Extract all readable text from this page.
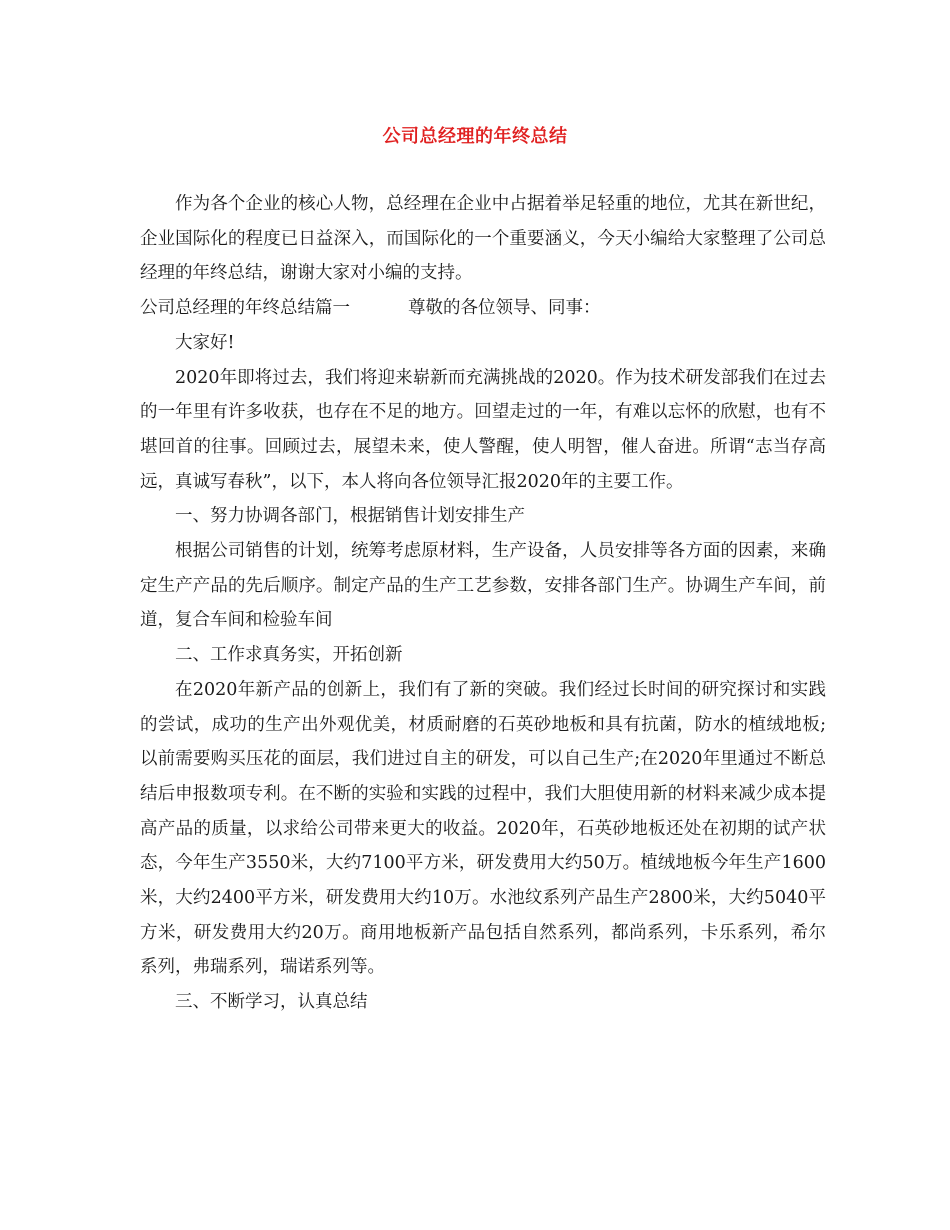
公司总经理的年终总结

作为各个企业的核心人物，总经理在企业中占据着举足轻重的地位，尤其在新世纪，企业国际化的程度已日益深入，而国际化的一个重要涵义，今天小编给大家整理了公司总经理的年终总结，谢谢大家对小编的支持。

公司总经理的年终总结篇一	尊敬的各位领导、同事：

大家好!

2020年即将过去，我们将迎来崭新而充满挑战的2020。作为技术研发部我们在过去的一年里有许多收获，也存在不足的地方。回望走过的一年，有难以忘怀的欣慰，也有不堪回首的往事。回顾过去，展望未来，使人警醒，使人明智，催人奋进。所谓“志当存高远，真诚写春秋”，以下，本人将向各位领导汇报2020年的主要工作。

一、努力协调各部门，根据销售计划安排生产

根据公司销售的计划，统筹考虑原材料，生产设备，人员安排等各方面的因素，来确定生产产品的先后顺序。制定产品的生产工艺参数，安排各部门生产。协调生产车间，前道，复合车间和检验车间

二、工作求真务实，开拓创新

在2020年新产品的创新上，我们有了新的突破。我们经过长时间的研究探讨和实践的尝试，成功的生产出外观优美，材质耐磨的石英砂地板和具有抗菌，防水的植绒地板;以前需要购买压花的面层，我们进过自主的研发，可以自己生产;在2020年里通过不断总结后申报数项专利。在不断的实验和实践的过程中，我们大胆使用新的材料来减少成本提高产品的质量，以求给公司带来更大的收益。2020年，石英砂地板还处在初期的试产状态，今年生产3550米，大约7100平方米，研发费用大约50万。植绒地板今年生产1600米，大约2400平方米，研发费用大约10万。水池纹系列产品生产2800米，大约5040平方米，研发费用大约20万。商用地板新产品包括自然系列，都尚系列，卡乐系列，希尔系列，弗瑞系列，瑞诺系列等。

三、不断学习，认真总结
